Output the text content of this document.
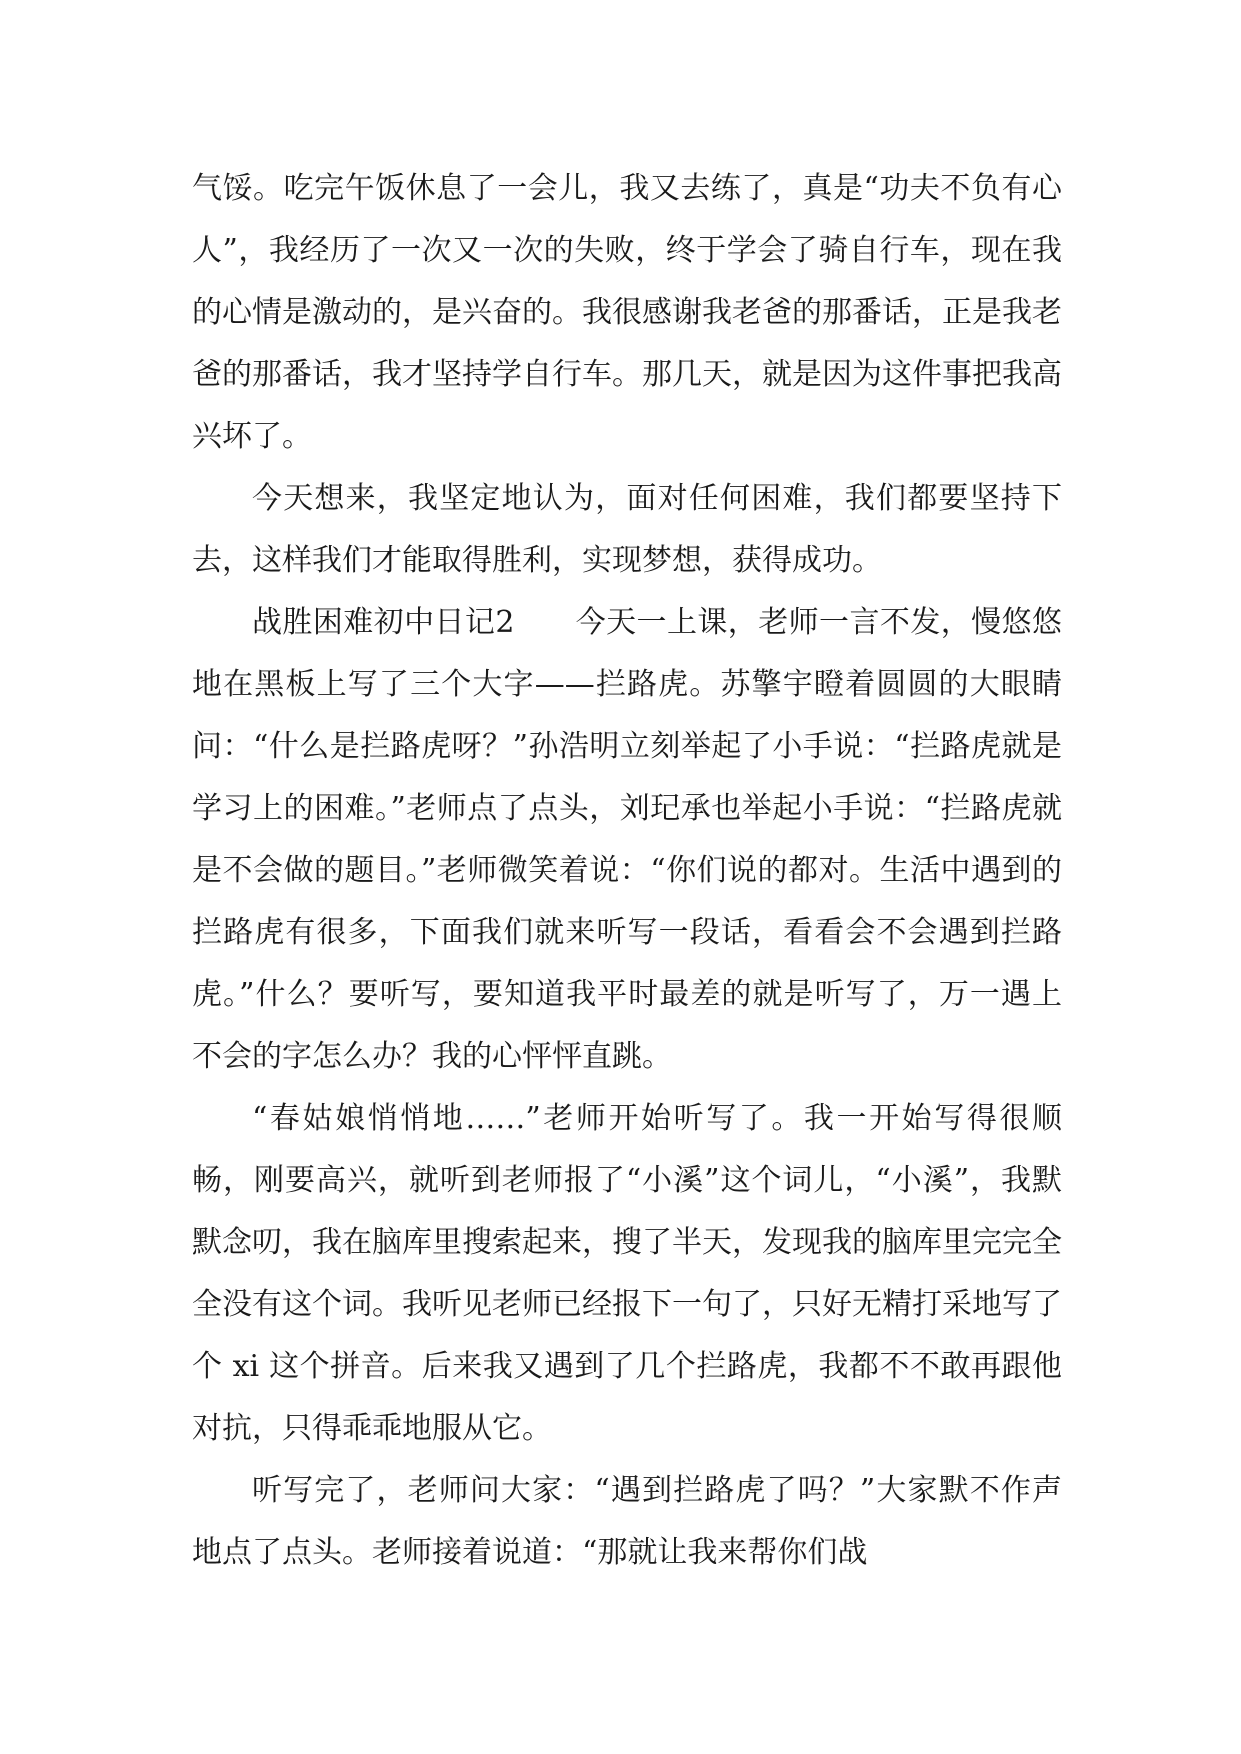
气馁。吃完午饭休息了一会儿，我又去练了，真是“功夫不负有心人”，我经历了一次又一次的失败，终于学会了骑自行车，现在我的心情是激动的，是兴奋的。我很感谢我老爸的那番话，正是我老爸的那番话，我才坚持学自行车。那几天，就是因为这件事把我高兴坏了。

今天想来，我坚定地认为，面对任何困难，我们都要坚持下去，这样我们才能取得胜利，实现梦想，获得成功。

战胜困难初中日记2　　今天一上课，老师一言不发，慢悠悠地在黑板上写了三个大字——拦路虎。苏擎宇瞪着圆圆的大眼睛问：“什么是拦路虎呀？”孙浩明立刻举起了小手说：“拦路虎就是学习上的困难。”老师点了点头，刘玘承也举起小手说：“拦路虎就是不会做的题目。”老师微笑着说：“你们说的都对。生活中遇到的拦路虎有很多，下面我们就来听写一段话，看看会不会遇到拦路虎。”什么？要听写，要知道我平时最差的就是听写了，万一遇上不会的字怎么办？我的心怦怦直跳。

“春姑娘悄悄地……”老师开始听写了。我一开始写得很顺畅，刚要高兴，就听到老师报了“小溪”这个词儿，“小溪”，我默默念叨，我在脑库里搜索起来，搜了半天，发现我的脑库里完完全全没有这个词。我听见老师已经报下一句了，只好无精打采地写了个 xi 这个拼音。后来我又遇到了几个拦路虎，我都不不敢再跟他对抗，只得乖乖地服从它。

听写完了，老师问大家：“遇到拦路虎了吗？”大家默不作声地点了点头。老师接着说道：“那就让我来帮你们战
